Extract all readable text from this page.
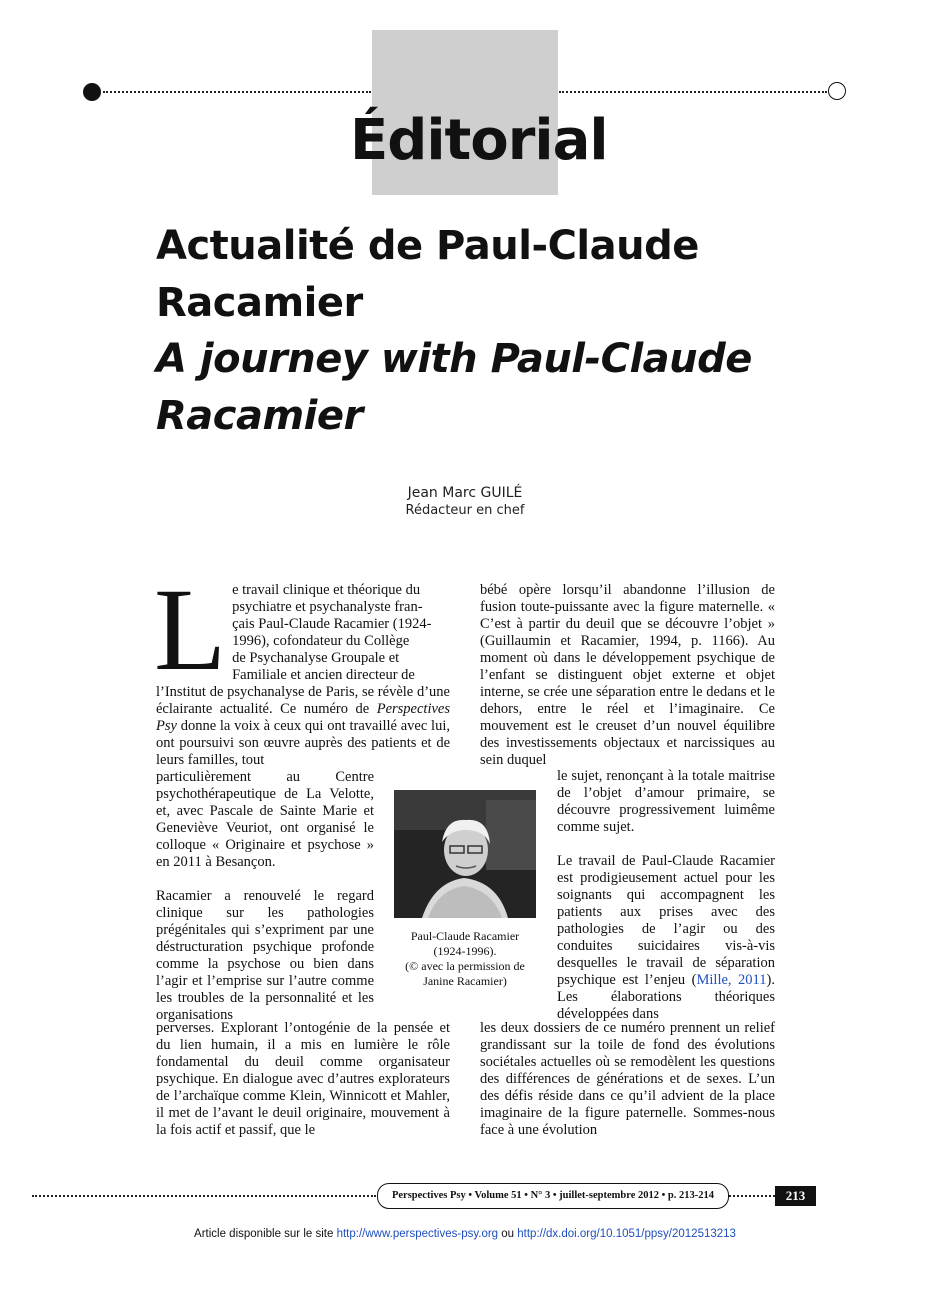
Éditorial
Actualité de Paul-Claude Racamier
A journey with Paul-Claude Racamier
Jean Marc GUILÉ
Rédacteur en chef
L e travail clinique et théorique du
psychiatre et psychanalyste fran-
çais Paul-Claude Racamier (1924-
1996), cofondateur du Collège
de Psychanalyse Groupale et
Familiale et ancien directeur de

l’Institut de psychanalyse de Paris, se révèle d’une éclairante actualité. Ce numéro de Perspectives Psy donne la voix à ceux qui ont travaillé avec lui, ont poursuivi son œuvre auprès des patients et de leurs familles, tout

particulièrement au Centre psychothérapeutique de La Velotte, et, avec Pascale de Sainte Marie et Geneviève Veuriot, ont organisé le colloque « Originaire et psychose » en 2011 à Besançon.

Racamier a renouvelé le regard clinique sur les pathologies prégénitales qui s’expriment par une déstructuration psychique profonde comme la psychose ou bien dans l’agir et l’emprise sur l’autre comme les troubles de la personnalité et les organisations

perverses. Explorant l’ontogénie de la pensée et du lien humain, il a mis en lumière le rôle fondamental du deuil comme organisateur psychique. En dialogue avec d’autres explorateurs de l’archaïque comme Klein, Winnicott et Mahler, il met de l’avant le deuil originaire, mouvement à la fois actif et passif, que le

Paul-Claude Racamier
(1924-1996).
(© avec la permission de
Janine Racamier)

bébé opère lorsqu’il abandonne l’illusion de fusion toute-puissante avec la figure maternelle. « C’est à partir du deuil que se découvre l’objet » (Guillaumin et Racamier, 1994, p. 1166). Au moment où dans le développement psychique de l’enfant se distinguent objet externe et objet interne, se crée une séparation entre le dedans et le dehors, entre le réel et l’imaginaire. Ce mouvement est le creuset d’un nouvel équilibre des investissements objectaux et narcissiques au sein duquel

le sujet, renonçant à la totale maitrise de l’objet d’amour primaire, se découvre progressivement luimême comme sujet.

Le travail de Paul-Claude Racamier est prodigieusement actuel pour les soignants qui accompagnent les patients aux prises avec des pathologies de l’agir ou des conduites suicidaires vis-à-vis desquelles le travail de séparation psychique est l’enjeu (Mille, 2011). Les élaborations théoriques développées dans

les deux dossiers de ce numéro prennent un relief grandissant sur la toile de fond des évolutions sociétales actuelles où se remodèlent les questions des différences de générations et de sexes. L’un des défis réside dans ce qu’il advient de la place imaginaire de la figure paternelle. Sommes-nous face à une évolution

Perspectives Psy • Volume 51 • N° 3 • juillet-septembre 2012 • p. 213-214	213
Article disponible sur le site http://www.perspectives-psy.org ou http://dx.doi.org/10.1051/ppsy/2012513213
